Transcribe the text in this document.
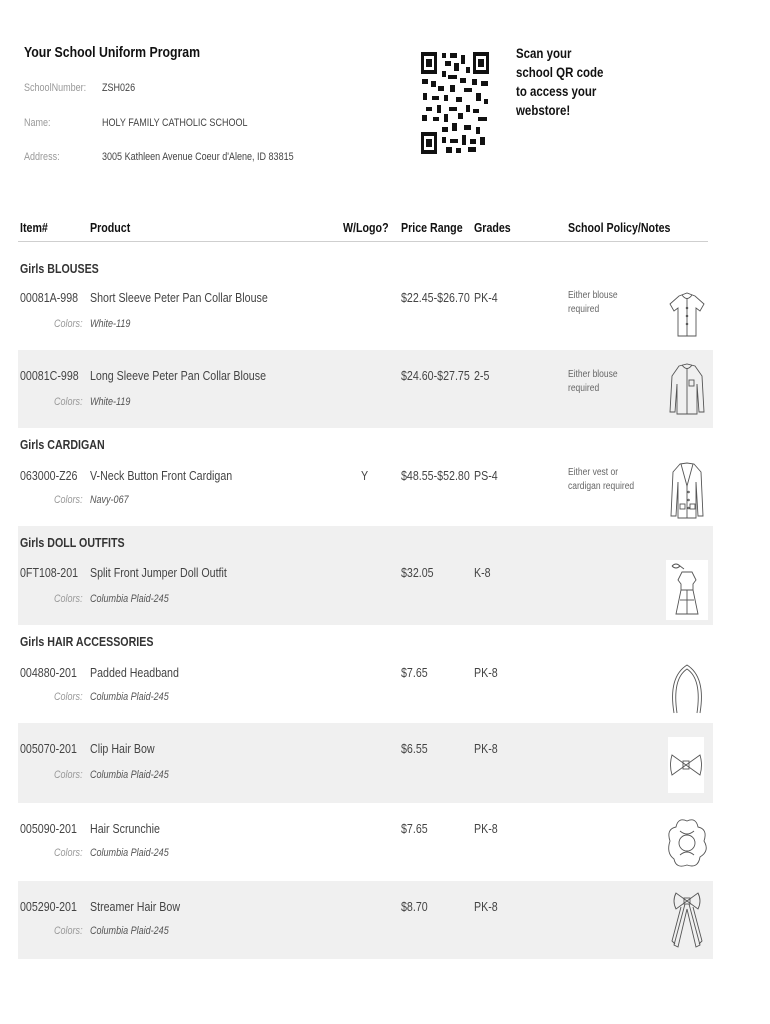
Your School Uniform Program
SchoolNumber:	ZSH026
Name:	HOLY FAMILY CATHOLIC SCHOOL
Address:	3005 Kathleen Avenue Coeur d'Alene, ID 83815
Scan your
school QR code
to access your
webstore!
Item#	Product	W/Logo? Price Range Grades	School Policy/Notes
Girls BLOUSES
00081A-998 Short Sleeve Peter Pan Collar Blouse	$22.45-$26.70 PK-4	Either blouse required
Colors: White-119
00081C-998 Long Sleeve Peter Pan Collar Blouse	$24.60-$27.75 2-5	Either blouse required
Colors: White-119
Girls CARDIGAN
063000-Z26 V-Neck Button Front Cardigan	Y	$48.55-$52.80 PS-4	Either vest or cardigan required
Colors: Navy-067
Girls DOLL OUTFITS
0FT108-201 Split Front Jumper Doll Outfit	$32.05	K-8
Colors: Columbia Plaid-245
Girls HAIR ACCESSORIES
004880-201	Padded Headband	$7.65	PK-8
Colors: Columbia Plaid-245
005070-201	Clip Hair Bow	$6.55	PK-8
Colors: Columbia Plaid-245
005090-201	Hair Scrunchie	$7.65	PK-8
Colors: Columbia Plaid-245
005290-201	Streamer Hair Bow	$8.70	PK-8
Colors: Columbia Plaid-245
